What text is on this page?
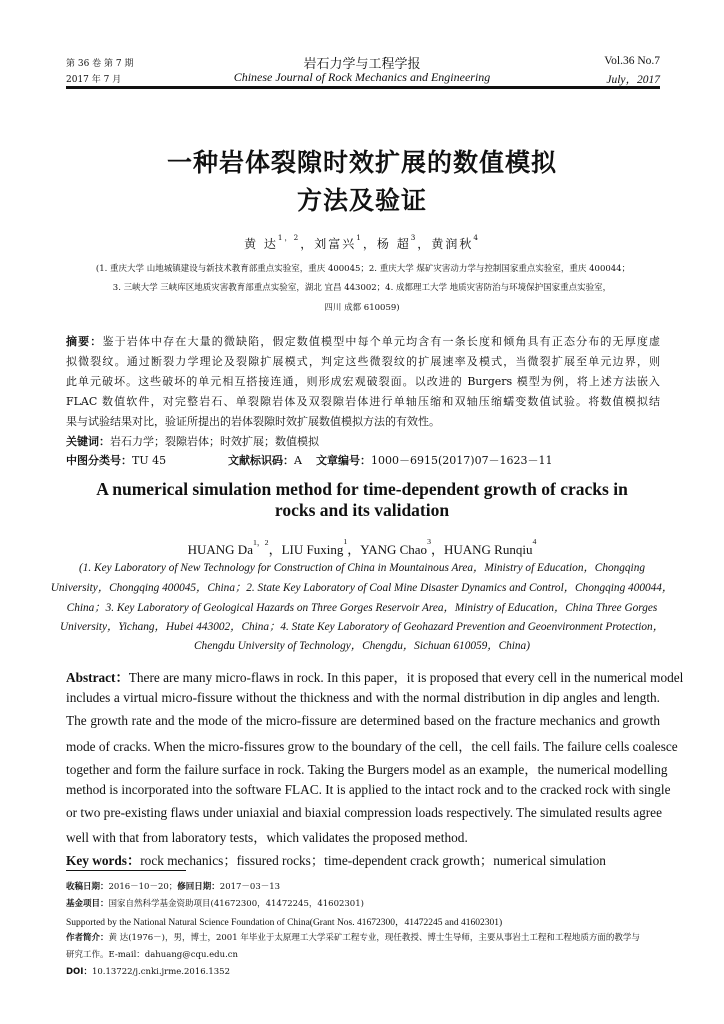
第 36 卷 第 7 期
2017 年 7 月
岩石力学与工程学报
Chinese Journal of Rock Mechanics and Engineering
Vol.36 No.7
July，2017
一种岩体裂隙时效扩展的数值模拟
方法及验证
黄 达$^{1,2}$，刘富兴$^1$，杨 超$^3$，黄润秋$^4$
(1. 重庆大学 山地城镇建设与新技术教育部重点实验室，重庆 400045；2. 重庆大学 煤矿灾害动力学与控制国家重点实验室，重庆 400044；
3. 三峡大学 三峡库区地质灾害教育部重点实验室，湖北 宜昌 443002；4. 成都理工大学 地质灾害防治与环境保护国家重点实验室，
四川 成都 610059)
摘要：鉴于岩体中存在大量的微缺陷，假定数值模型中每个单元均含有一条长度和倾角具有正态分布的无厚度虚
拟微裂纹。通过断裂力学理论及裂隙扩展模式，判定这些微裂纹的扩展速率及模式，当微裂扩展至单元边界，则
此单元破坏。这些破坏的单元相互搭接连通，则形成宏观破裂面。以改进的 Burgers 模型为例，将上述方法嵌入
FLAC 数值软件，对完整岩石、单裂隙岩体及双裂隙岩体进行单轴压缩和双轴压缩蠕变数值试验。将数值模拟结
果与试验结果对比，验证所提出的岩体裂隙时效扩展数值模拟方法的有效性。
关键词：岩石力学；裂隙岩体；时效扩展；数值模拟
中图分类号：TU 45	文献标识码：A 文章编号：1000－6915(2017)07－1623－11
A numerical simulation method for time-dependent growth of cracks in
rocks and its validation
HUANG $Da^{1,2}$，LIU Fuxing$^1$，YANG Chao$^3$，HUANG Runqiu$^4$
(1. Key Laboratory of New Technology for Construction of China in Mountainous Area，Ministry of Education，Chongqing
University，Chongqing 400045，China；2. State Key Laboratory of Coal Mine Disaster Dynamics and Control，Chongqing 400044，
China；3. Key Laboratory of Geological Hazards on Three Gorges Reservoir Area，Ministry of Education，China Three Gorges
University，Yichang，Hubei 443002，China；4. State Key Laboratory of Geohazard Prevention and Geoenvironment Protection，
Chengdu University of Technology，Chengdu，Sichuan 610059，China)
Abstract：There are many micro-flaws in rock. In this paper，it is proposed that every cell in the numerical model
includes a virtual micro-fissure without the thickness and with the normal distribution in dip angles and length.
The growth rate and the mode of the micro-fissure are determined based on the fracture mechanics and growth
mode of cracks. When the micro-fissures grow to the boundary of the cell，the cell fails. The failure cells coalesce
together and form the failure surface in rock. Taking the Burgers model as an example，the numerical modelling
method is incorporated into the software FLAC. It is applied to the intact rock and to the cracked rock with single
or two pre-existing flaws under uniaxial and biaxial compression loads respectively. The simulated results agree
well with that from laboratory tests，which validates the proposed method.
Key words：rock mechanics；fissured rocks；time-dependent crack growth；numerical simulation
收稿日期：2016－10－20；修回日期：2017－03－13
基金项目：国家自然科学基金资助项目(41672300，41472245，41602301)
Supported by the National Natural Science Foundation of China(Grant Nos. 41672300，41472245 and 41602301)
作者简介：黄 达(1976－)，男，博士，2001 年毕业于太原理工大学采矿工程专业，现任教授、博士生导师，主要从事岩土工程和工程地质方面的教学与
研究工作。E-mail：dahuang@cqu.edu.cn
DOI：10.13722/j.cnki.jrme.2016.1352
